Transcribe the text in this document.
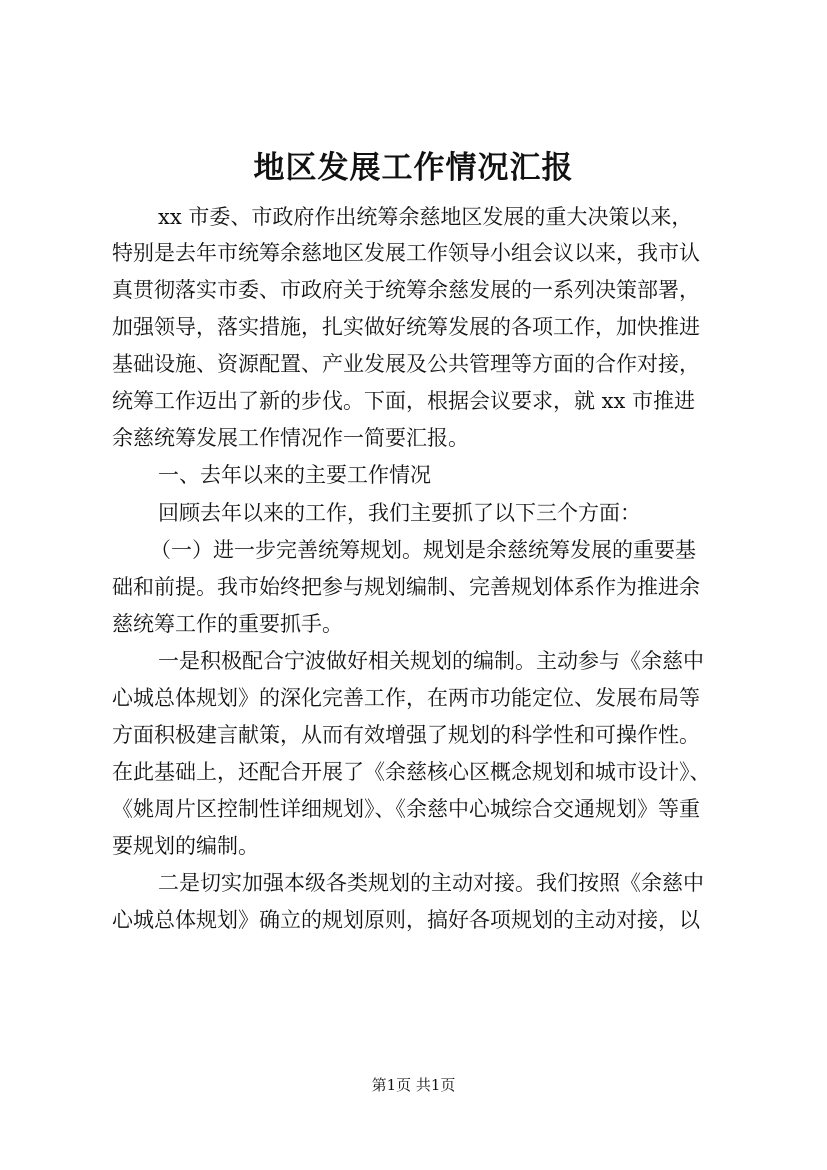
地区发展工作情况汇报
xx 市委、市政府作出统筹余慈地区发展的重大决策以来，
特别是去年市统筹余慈地区发展工作领导小组会议以来，我市认
真贯彻落实市委、市政府关于统筹余慈发展的一系列决策部署，
加强领导，落实措施，扎实做好统筹发展的各项工作，加快推进
基础设施、资源配置、产业发展及公共管理等方面的合作对接，
统筹工作迈出了新的步伐。下面，根据会议要求，就 xx 市推进
余慈统筹发展工作情况作一简要汇报。
一、去年以来的主要工作情况
回顾去年以来的工作，我们主要抓了以下三个方面：
（一）进一步完善统筹规划。规划是余慈统筹发展的重要基
础和前提。我市始终把参与规划编制、完善规划体系作为推进余
慈统筹工作的重要抓手。
一是积极配合宁波做好相关规划的编制。主动参与《余慈中
心城总体规划》的深化完善工作，在两市功能定位、发展布局等
方面积极建言献策，从而有效增强了规划的科学性和可操作性。
在此基础上，还配合开展了《余慈核心区概念规划和城市设计》、
《姚周片区控制性详细规划》、《余慈中心城综合交通规划》等重
要规划的编制。
二是切实加强本级各类规划的主动对接。我们按照《余慈中
心城总体规划》确立的规划原则，搞好各项规划的主动对接，以
第1页 共1页
